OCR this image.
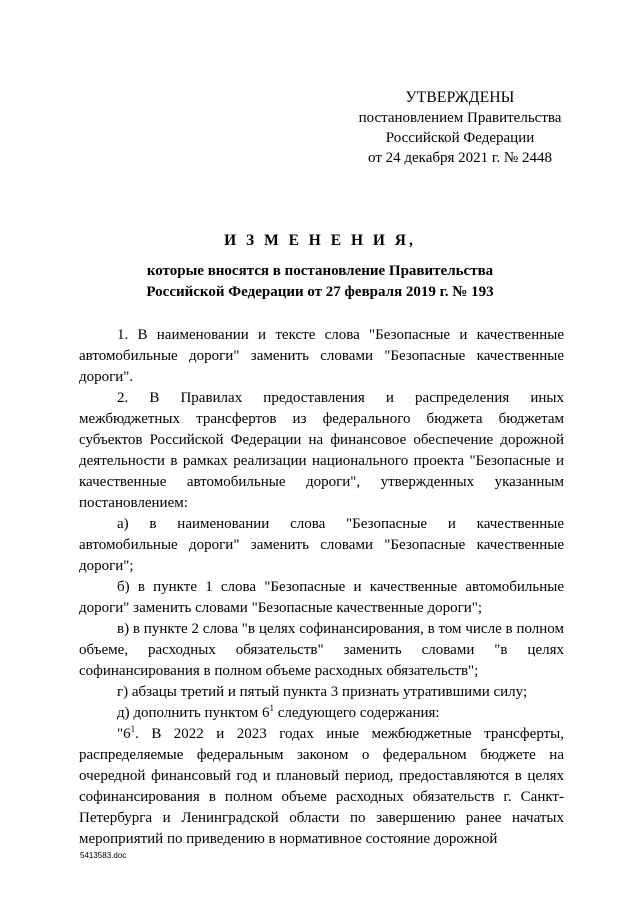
УТВЕРЖДЕНЫ
постановлением Правительства
Российской Федерации
от 24 декабря 2021 г. № 2448
И З М Е Н Е Н И Я,
которые вносятся в постановление Правительства
Российской Федерации от 27 февраля 2019 г. № 193

1. В наименовании и тексте слова "Безопасные и качественные автомобильные дороги" заменить словами "Безопасные качественные дороги".

2. В Правилах предоставления и распределения иных межбюджетных трансфертов из федерального бюджета бюджетам субъектов Российской Федерации на финансовое обеспечение дорожной деятельности в рамках реализации национального проекта "Безопасные и качественные автомобильные дороги", утвержденных указанным постановлением:

а) в наименовании слова "Безопасные и качественные автомобильные дороги" заменить словами "Безопасные качественные дороги";

б) в пункте 1 слова "Безопасные и качественные автомобильные дороги" заменить словами "Безопасные качественные дороги";

в) в пункте 2 слова "в целях софинансирования, в том числе в полном объеме, расходных обязательств" заменить словами "в целях софинансирования в полном объеме расходных обязательств";

г) абзацы третий и пятый пункта 3 признать утратившими силу;

д) дополнить пунктом $6^1$ следующего содержания:

"$6^1$. В 2022 и 2023 годах иные межбюджетные трансферты, распределяемые федеральным законом о федеральном бюджете на очередной финансовый год и плановый период, предоставляются в целях софинансирования в полном объеме расходных обязательств г. Санкт-Петербурга и Ленинградской области по завершению ранее начатых мероприятий по приведению в нормативное состояние дорожной

5413583.doc
